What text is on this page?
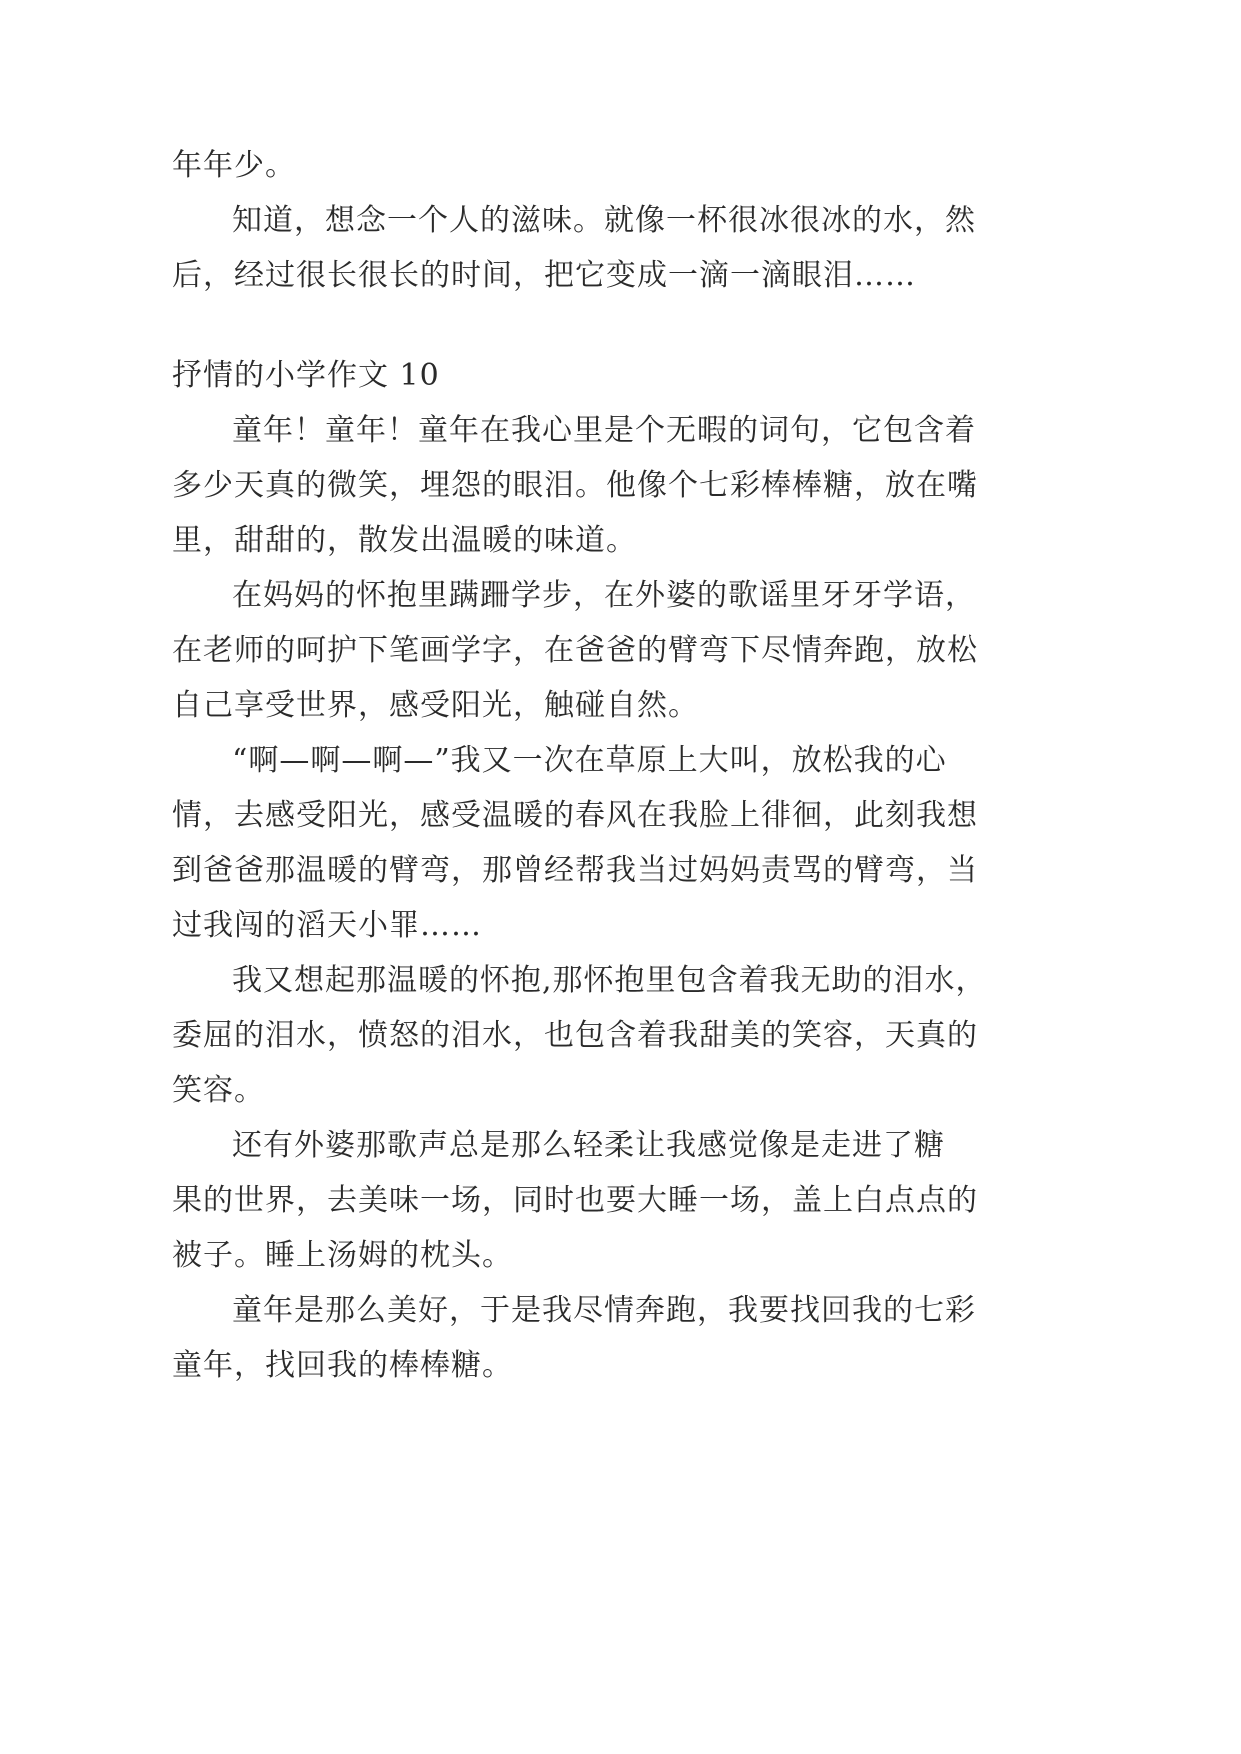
年年少。

知道，想念一个人的滋味。就像一杯很冰很冰的水，然

后，经过很长很长的时间，把它变成一滴一滴眼泪……

抒情的小学作文 10

童年！童年！童年在我心里是个无暇的词句，它包含着

多少天真的微笑，埋怨的眼泪。他像个七彩棒棒糖，放在嘴

里，甜甜的，散发出温暖的味道。

在妈妈的怀抱里蹒跚学步，在外婆的歌谣里牙牙学语，

在老师的呵护下笔画学字，在爸爸的臂弯下尽情奔跑，放松

自己享受世界，感受阳光，触碰自然。

“啊—啊—啊—”我又一次在草原上大叫，放松我的心

情，去感受阳光，感受温暖的春风在我脸上徘徊，此刻我想

到爸爸那温暖的臂弯，那曾经帮我当过妈妈责骂的臂弯，当

过我闯的滔天小罪……

我又想起那温暖的怀抱,那怀抱里包含着我无助的泪水，

委屈的泪水，愤怒的泪水，也包含着我甜美的笑容，天真的

笑容。

还有外婆那歌声总是那么轻柔让我感觉像是走进了糖

果的世界，去美味一场，同时也要大睡一场，盖上白点点的

被子。睡上汤姆的枕头。

童年是那么美好，于是我尽情奔跑，我要找回我的七彩

童年，找回我的棒棒糖。
